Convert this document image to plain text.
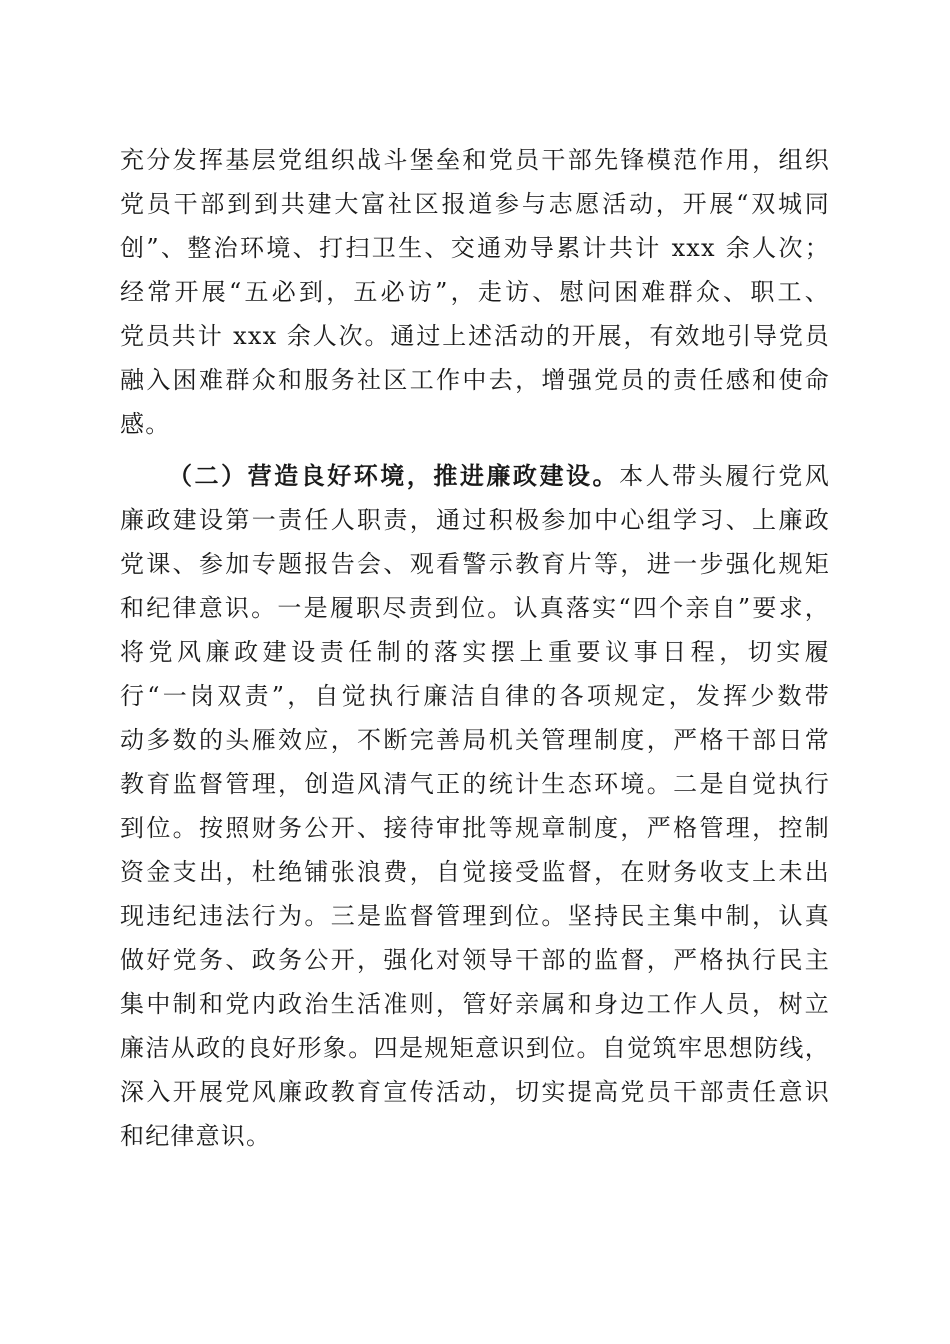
充分发挥基层党组织战斗堡垒和党员干部先锋模范作用，组织
党员干部到到共建大富社区报道参与志愿活动，开展“双城同
创”、整治环境、打扫卫生、交通劝导累计共计 xxx 余人次；
经常开展“五必到，五必访”，走访、慰问困难群众、职工、
党员共计 xxx 余人次。通过上述活动的开展，有效地引导党员
融入困难群众和服务社区工作中去，增强党员的责任感和使命
感。
（二）营造良好环境，推进廉政建设。本人带头履行党风
廉政建设第一责任人职责，通过积极参加中心组学习、上廉政
党课、参加专题报告会、观看警示教育片等，进一步强化规矩
和纪律意识。一是履职尽责到位。认真落实“四个亲自”要求，
将党风廉政建设责任制的落实摆上重要议事日程，切实履
行“一岗双责”，自觉执行廉洁自律的各项规定，发挥少数带
动多数的头雁效应，不断完善局机关管理制度，严格干部日常
教育监督管理，创造风清气正的统计生态环境。二是自觉执行
到位。按照财务公开、接待审批等规章制度，严格管理，控制
资金支出，杜绝铺张浪费，自觉接受监督，在财务收支上未出
现违纪违法行为。三是监督管理到位。坚持民主集中制，认真
做好党务、政务公开，强化对领导干部的监督，严格执行民主
集中制和党内政治生活准则，管好亲属和身边工作人员，树立
廉洁从政的良好形象。四是规矩意识到位。自觉筑牢思想防线，
深入开展党风廉政教育宣传活动，切实提高党员干部责任意识
和纪律意识。
